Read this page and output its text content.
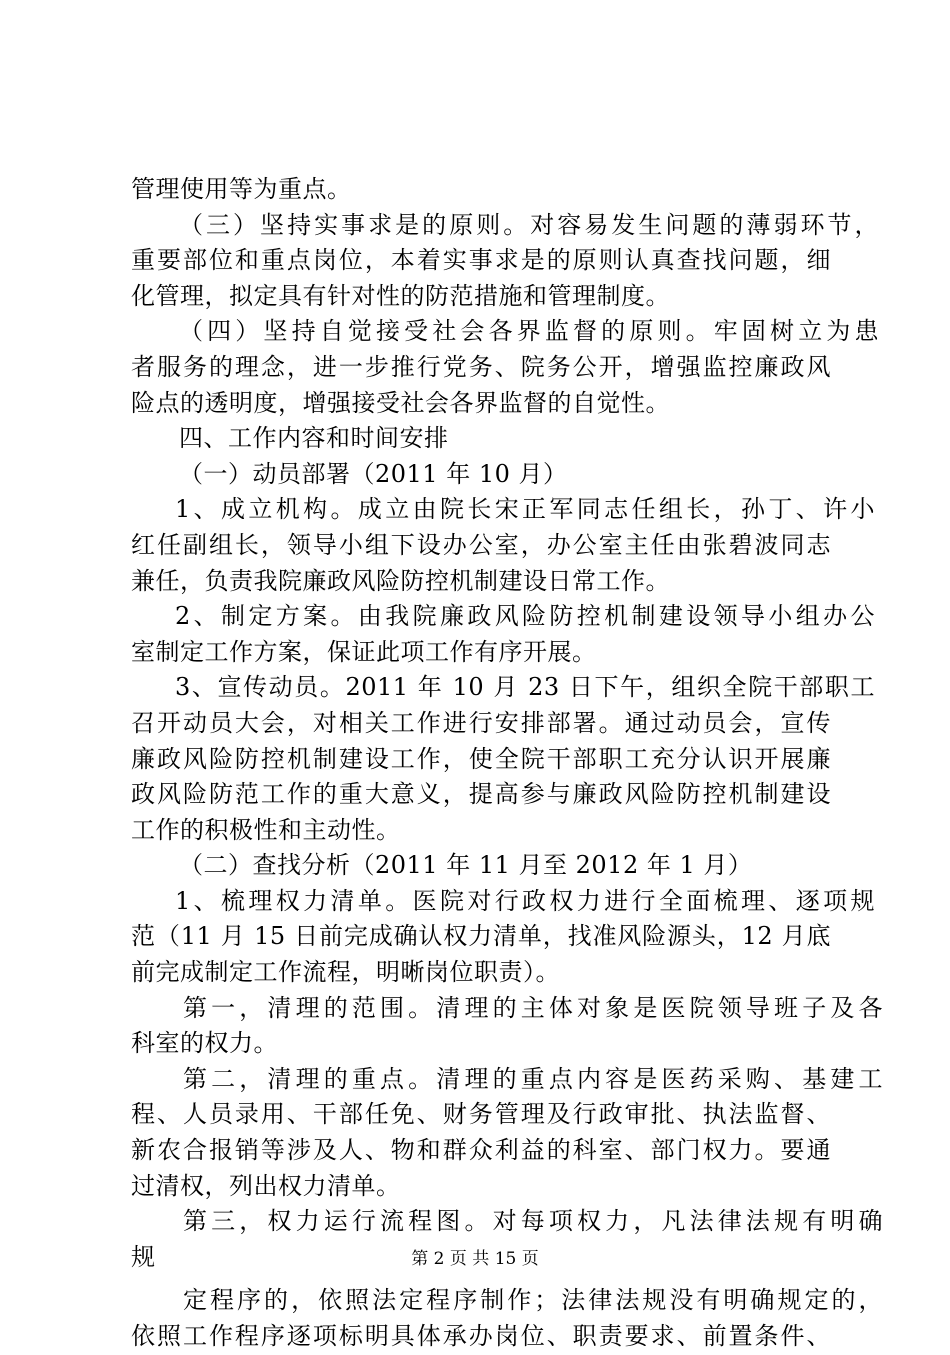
管理使用等为重点。
（三）坚持实事求是的原则。对容易发生问题的薄弱环节，
重要部位和重点岗位，本着实事求是的原则认真查找问题，细
化管理，拟定具有针对性的防范措施和管理制度。
（四）坚持自觉接受社会各界监督的原则。牢固树立为患
者服务的理念，进一步推行党务、院务公开，增强监控廉政风
险点的透明度，增强接受社会各界监督的自觉性。
四、工作内容和时间安排
（一）动员部署（2011 年 10 月）
1、成立机构。成立由院长宋正军同志任组长，孙丁、许小
红任副组长，领导小组下设办公室，办公室主任由张碧波同志
兼任，负责我院廉政风险防控机制建设日常工作。
2、制定方案。由我院廉政风险防控机制建设领导小组办公
室制定工作方案，保证此项工作有序开展。
3、宣传动员。2011 年 10 月 23 日下午，组织全院干部职工
召开动员大会，对相关工作进行安排部署。通过动员会，宣传
廉政风险防控机制建设工作，使全院干部职工充分认识开展廉
政风险防范工作的重大意义，提高参与廉政风险防控机制建设
工作的积极性和主动性。
（二）查找分析（2011 年 11 月至 2012 年 1 月）
1、梳理权力清单。医院对行政权力进行全面梳理、逐项规
范（11 月 15 日前完成确认权力清单，找准风险源头，12 月底
前完成制定工作流程，明晰岗位职责）。
第一，清理的范围。清理的主体对象是医院领导班子及各
科室的权力。
第二，清理的重点。清理的重点内容是医药采购、基建工
程、人员录用、干部任免、财务管理及行政审批、执法监督、
新农合报销等涉及人、物和群众利益的科室、部门权力。要通
过清权，列出权力清单。
第三，权力运行流程图。对每项权力，凡法律法规有明确
规
定程序的，依照法定程序制作；法律法规没有明确规定的，
依照工作程序逐项标明具体承办岗位、职责要求、前置条件、
第 2 页 共 15 页
